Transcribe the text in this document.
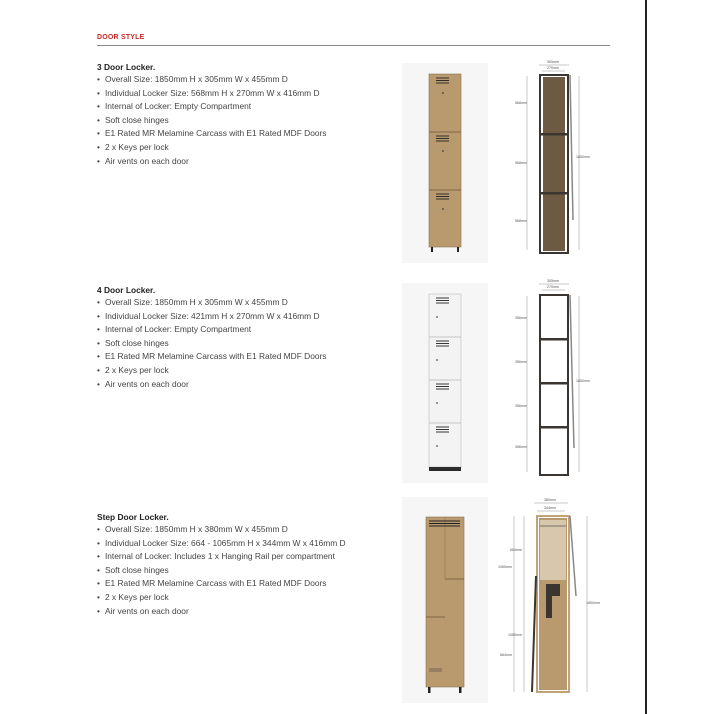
DOOR STYLE
3 Door Locker.
• Overall Size: 1850mm H x 305mm W x 455mm D
• Individual Locker Size: 568mm H x 270mm W x 416mm D
• Internal of Locker: Empty Compartment
• Soft close hinges
• E1 Rated MR Melamine Carcass with E1 Rated MDF Doors
• 2 x Keys per lock
• Air vents on each door
305mm
270mm
568mm
568mm
568mm
1850mm
4 Door Locker.
• Overall Size: 1850mm H x 305mm W x 455mm D
• Individual Locker Size: 421mm H x 270mm W x 416mm D
• Internal of Locker: Empty Compartment
• Soft close hinges
• E1 Rated MR Melamine Carcass with E1 Rated MDF Doors
• 2 x Keys per lock
• Air vents on each door
305mm
270mm
356mm
356mm
356mm
356mm
1850mm
Step Door Locker.
• Overall Size: 1850mm H x 380mm W x 455mm D
• Individual Locker Size: 664 - 1065mm H x 344mm W x 416mm D
• Internal of Locker: Includes 1 x Hanging Rail per compartment
• Soft close hinges
• E1 Rated MR Melamine Carcass with E1 Rated MDF Doors
• 2 x Keys per lock
• Air vents on each door
380mm
344mm
664mm
1065mm
1065mm
664mm
1850mm
